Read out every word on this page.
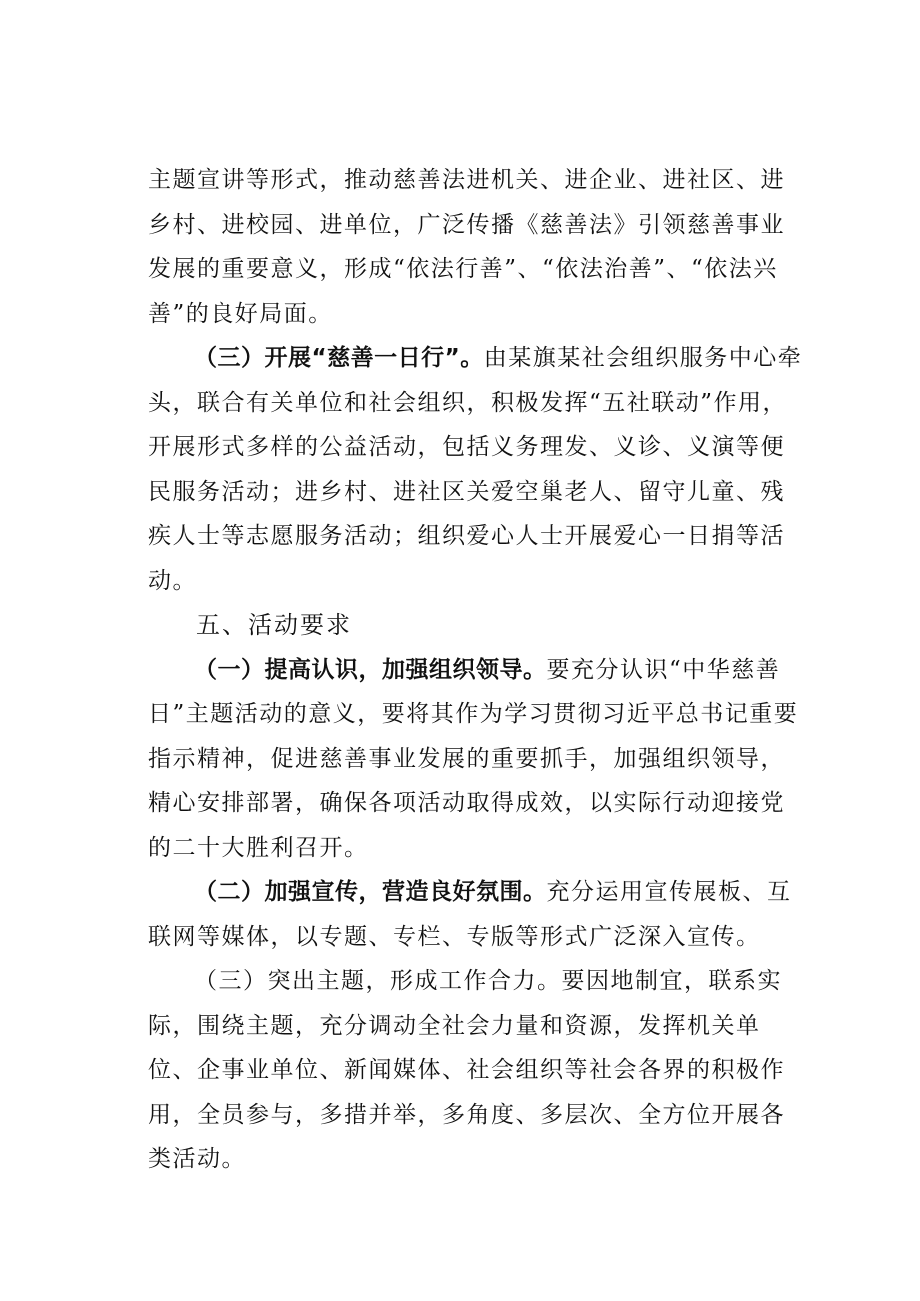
主题宣讲等形式，推动慈善法进机关、进企业、进社区、进乡村、进校园、进单位，广泛传播《慈善法》引领慈善事业发展的重要意义，形成“依法行善”、“依法治善”、“依法兴善”的良好局面。

（三）开展“慈善一日行”。由某旗某社会组织服务中心牵头，联合有关单位和社会组织，积极发挥“五社联动”作用，开展形式多样的公益活动，包括义务理发、义诊、义演等便民服务活动；进乡村、进社区关爱空巢老人、留守儿童、残疾人士等志愿服务活动；组织爱心人士开展爱心一日捐等活动。

五、活动要求

（一）提高认识，加强组织领导。要充分认识“中华慈善日”主题活动的意义，要将其作为学习贯彻习近平总书记重要指示精神，促进慈善事业发展的重要抓手，加强组织领导，精心安排部署，确保各项活动取得成效，以实际行动迎接党的二十大胜利召开。

（二）加强宣传，营造良好氛围。充分运用宣传展板、互联网等媒体，以专题、专栏、专版等形式广泛深入宣传。

（三）突出主题，形成工作合力。要因地制宜，联系实际，围绕主题，充分调动全社会力量和资源，发挥机关单位、企事业单位、新闻媒体、社会组织等社会各界的积极作用，全员参与，多措并举，多角度、多层次、全方位开展各类活动。
